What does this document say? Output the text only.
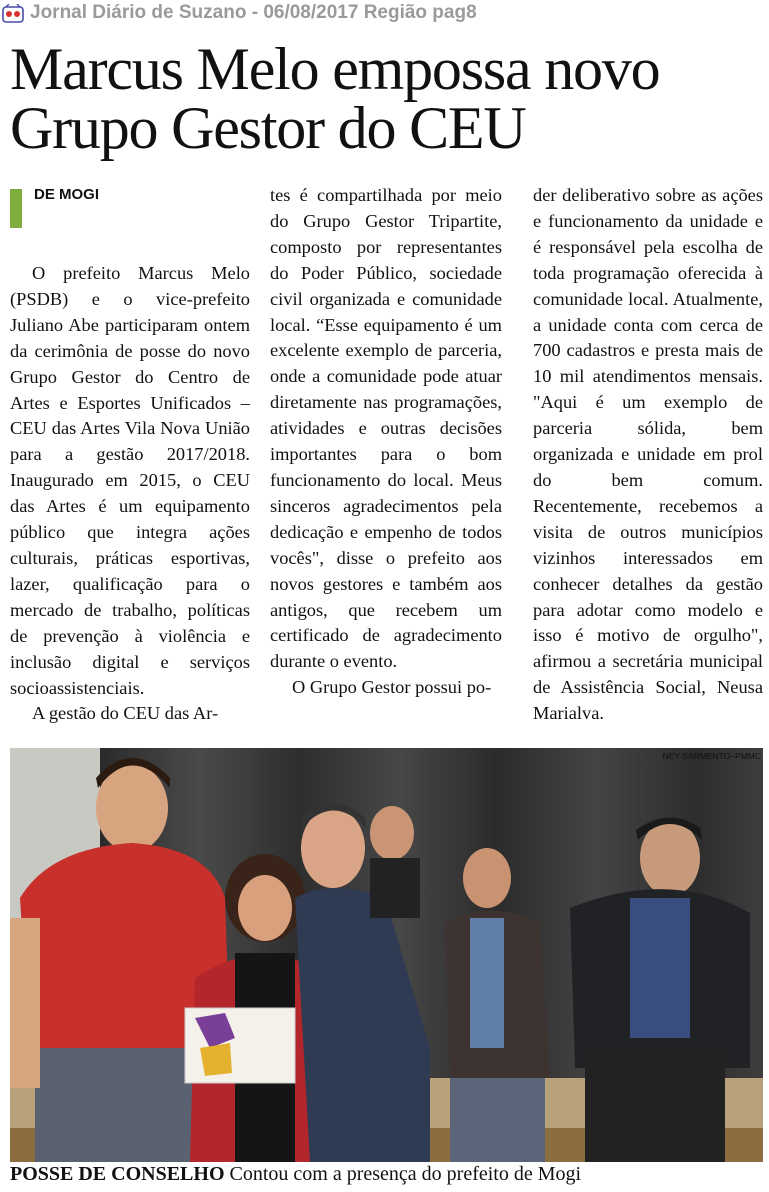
Jornal Diário de Suzano - 06/08/2017 Região pag8
Marcus Melo empossa novo Grupo Gestor do CEU
DE MOGI

O prefeito Marcus Melo (PSDB) e o vice-prefeito Juliano Abe participaram ontem da cerimônia de posse do novo Grupo Gestor do Centro de Artes e Esportes Unificados – CEU das Artes Vila Nova União para a gestão 2017/2018. Inaugurado em 2015, o CEU das Artes é um equipamento público que integra ações culturais, práticas esportivas, lazer, qualificação para o mercado de trabalho, políticas de prevenção à violência e inclusão digital e serviços socioassistenciais.

A gestão do CEU das Ar-

tes é compartilhada por meio do Grupo Gestor Tripartite, composto por representantes do Poder Público, sociedade civil organizada e comunidade local. “Esse equipamento é um excelente exemplo de parceria, onde a comunidade pode atuar diretamente nas programações, atividades e outras decisões importantes para o bom funcionamento do local. Meus sinceros agradecimentos pela dedicação e empenho de todos vocês", disse o prefeito aos novos gestores e também aos antigos, que recebem um certificado de agradecimento durante o evento.

O Grupo Gestor possui po-

der deliberativo sobre as ações e funcionamento da unidade e é responsável pela escolha de toda programação oferecida à comunidade local. Atualmente, a unidade conta com cerca de 700 cadastros e presta mais de 10 mil atendimentos mensais. "Aqui é um exemplo de parceria sólida, bem organizada e unidade em prol do bem comum. Recentemente, recebemos a visita de outros municípios vizinhos interessados em conhecer detalhes da gestão para adotar como modelo e isso é motivo de orgulho", afirmou a secretária municipal de Assistência Social, Neusa Marialva.

NEY SARMENTO–PMMC
POSSE DE CONSELHO Contou com a presença do prefeito de Mogi
